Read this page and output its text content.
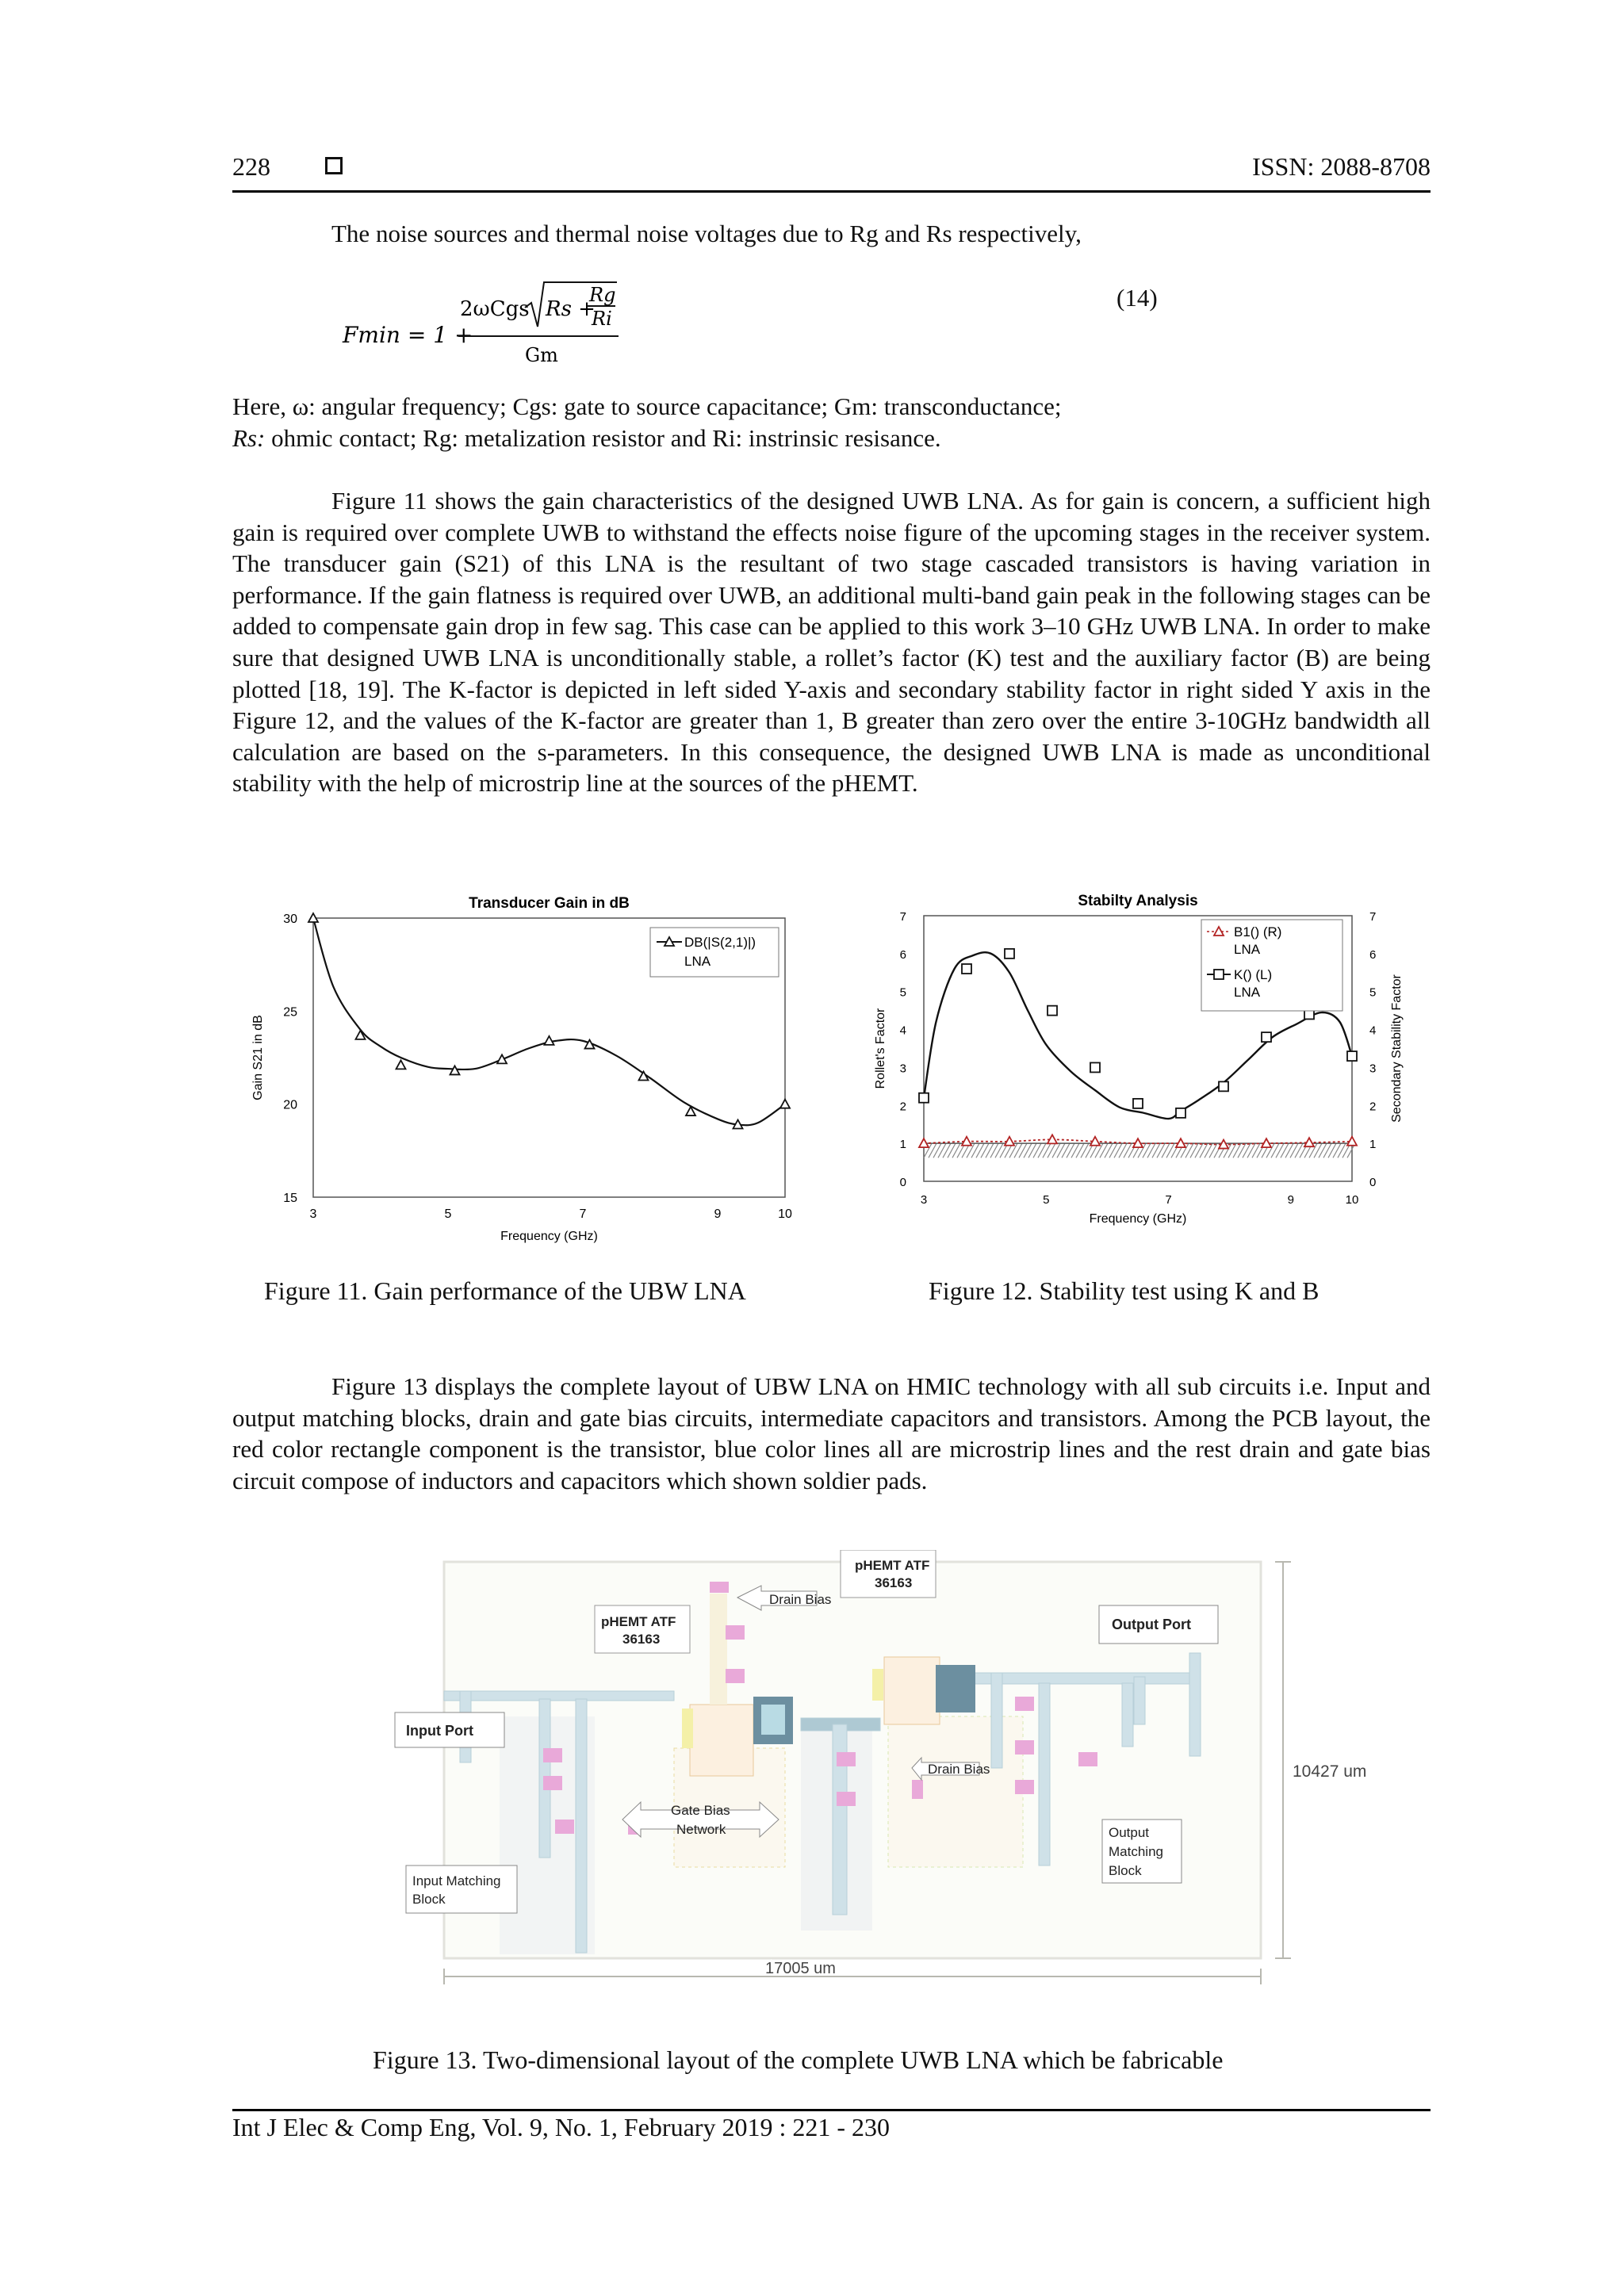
228	ISSN: 2088-8708
The noise sources and thermal noise voltages due to Rg and Rs respectively,
Fmin = 1 +
2ωCgs Rs +
Rg
Ri
Gm
(14)
Here, ω: angular frequency; Cgs: gate to source capacitance; Gm: transconductance;
Rs: ohmic contact; Rg: metalization resistor and Ri: instrinsic resisance.
Figure 11 shows the gain characteristics of the designed UWB LNA. As for gain is concern, a sufficient high gain is required over complete UWB to withstand the effects noise figure of the upcoming stages in the receiver system. The transducer gain (S21) of this LNA is the resultant of two stage cascaded transistors is having variation in performance. If the gain flatness is required over UWB, an additional multi-band gain peak in the following stages can be added to compensate gain drop in few sag. This case can be applied to this work 3–10 GHz UWB LNA. In order to make sure that designed UWB LNA is unconditionally stable, a rollet’s factor (K) test and the auxiliary factor (B) are being plotted [18, 19]. The K-factor is depicted in left sided Y-axis and secondary stability factor in right sided Y axis in the Figure 12, and the values of the K-factor are greater than 1, B greater than zero over the entire 3-10GHz bandwidth all calculation are based on the s-parameters. In this consequence, the designed UWB LNA is made as unconditional stability with the help of microstrip line at the sources of the pHEMT.
Transducer Gain in dB
15
20
25
30
3	5	7	9	10
Frequency (GHz)
Gain S21 in dB
DB(|S(2,1)|)
LNA
Stabilty Analysis
0	0
1	1
2	2
3	3
4	4
5	5
6	6
7	7
3	5	7	9	10
Frequency (GHz)
Rollet's Factor	Secondary Stability Factor
B1() (R)
LNA
K() (L)
LNA
Figure 11. Gain performance of the UBW LNA	Figure 12. Stability test using K and B
Figure 13 displays the complete layout of UBW LNA on HMIC technology with all sub circuits i.e. Input and output matching blocks, drain and gate bias circuits, intermediate capacitors and transistors. Among the PCB layout, the red color rectangle component is the transistor, blue color lines all are microstrip lines and the rest drain and gate bias circuit compose of inductors and capacitors which shown soldier pads.
17005 um
10427 um
pHEMT ATF
36163
pHEMT ATF
36163
Drain Bias
Drain Bias
Input Port
Output Port
Gate Bias
Network
Input Matching
Block
Output
Matching
Block
Figure 13. Two-dimensional layout of the complete UWB LNA which be fabricable
Int J Elec & Comp Eng, Vol. 9, No. 1, February 2019 : 221 - 230
